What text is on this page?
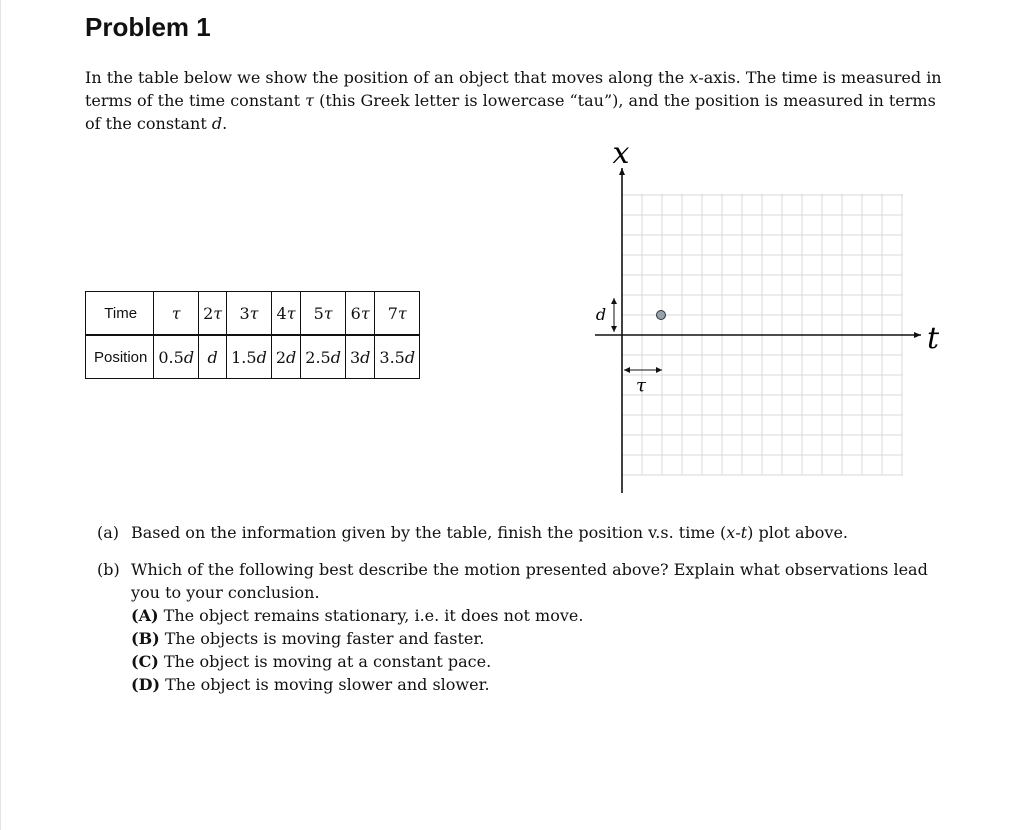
Problem 1

In the table below we show the position of an object that moves along the x-axis. The time is measured in terms of the time constant τ (this Greek letter is lowercase “tau”), and the position is measured in terms of the constant d.

Time	τ	2τ	3τ	4τ	5τ	6τ	7τ
Position	0.5d	d	1.5d	2d	2.5d	3d	3.5d
x
t
d
τ

(a) Based on the information given by the table, finish the position v.s. time (x-t) plot above.

(b) Which of the following best describe the motion presented above? Explain what observations lead you to your conclusion.

(A) The object remains stationary, i.e. it does not move.

(B) The objects is moving faster and faster.

(C) The object is moving at a constant pace.

(D) The object is moving slower and slower.
